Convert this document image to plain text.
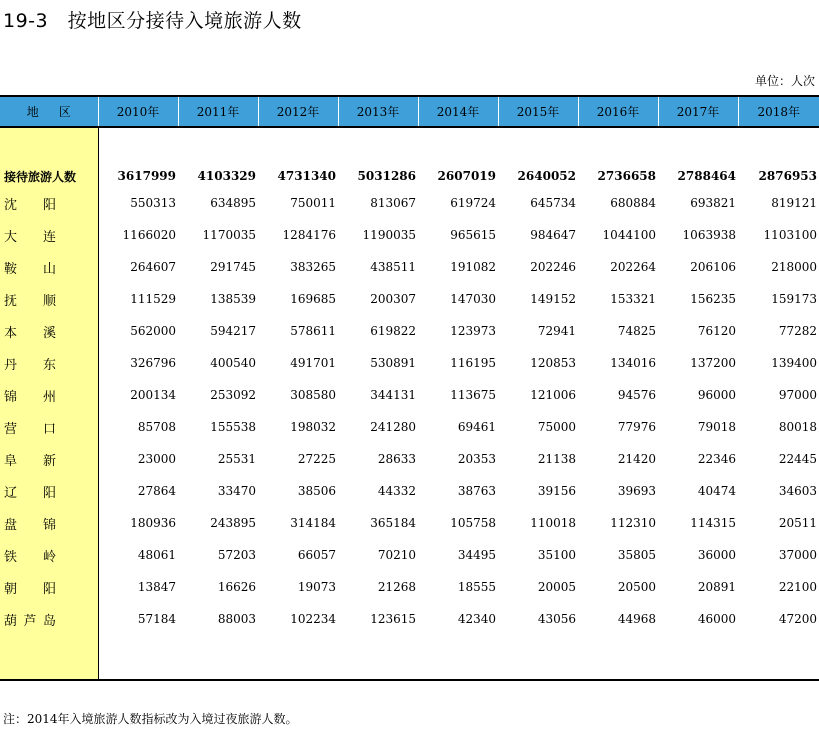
19-3　按地区分接待入境旅游人数
单位：人次
地区	2010年	2011年	2012年	2013年	2014年	2015年	2016年	2017年	2018年

接待旅游人数	3617999	4103329	4731340	5031286	2607019	2640052	2736658	2788464	2876953
沈阳	550313	634895	750011	813067	619724	645734	680884	693821	819121
大连	1166020	1170035	1284176	1190035	965615	984647	1044100	1063938	1103100
鞍山	264607	291745	383265	438511	191082	202246	202264	206106	218000
抚顺	111529	138539	169685	200307	147030	149152	153321	156235	159173
本溪	562000	594217	578611	619822	123973	72941	74825	76120	77282
丹东	326796	400540	491701	530891	116195	120853	134016	137200	139400
锦州	200134	253092	308580	344131	113675	121006	94576	96000	97000
营口	85708	155538	198032	241280	69461	75000	77976	79018	80018
阜新	23000	25531	27225	28633	20353	21138	21420	22346	22445
辽阳	27864	33470	38506	44332	38763	39156	39693	40474	34603
盘锦	180936	243895	314184	365184	105758	110018	112310	114315	20511
铁岭	48061	57203	66057	70210	34495	35100	35805	36000	37000
朝阳	13847	16626	19073	21268	18555	20005	20500	20891	22100
葫芦岛	57184	88003	102234	123615	42340	43056	44968	46000	47200

注：2014年入境旅游人数指标改为入境过夜旅游人数。
